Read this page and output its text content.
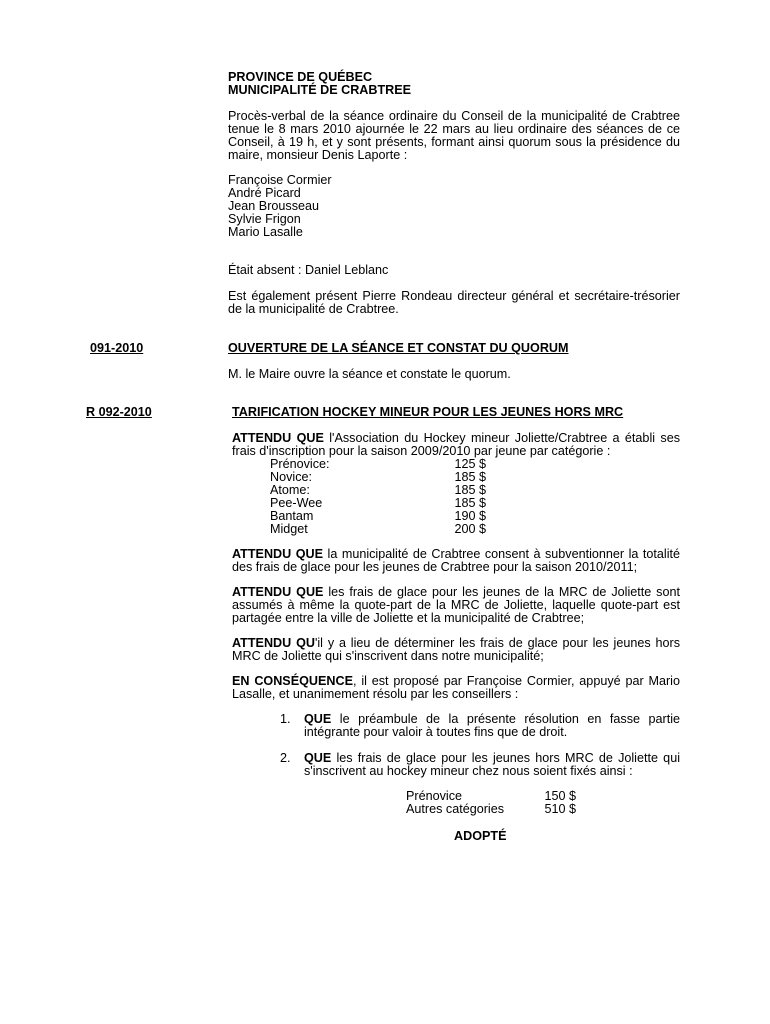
PROVINCE DE QUÉBEC

MUNICIPALITÉ DE CRABTREE

Procès-verbal de la séance ordinaire du Conseil de la municipalité de Crabtree tenue le 8 mars 2010 ajournée le 22 mars au lieu ordinaire des séances de ce Conseil, à 19 h, et y sont présents, formant ainsi quorum sous la présidence du maire, monsieur Denis Laporte :

Françoise Cormier

André Picard

Jean Brousseau

Sylvie Frigon

Mario Lasalle

Était absent : Daniel Leblanc

Est également présent Pierre Rondeau directeur général et secrétaire-trésorier de la municipalité de Crabtree.

091-2010	OUVERTURE DE LA SÉANCE ET CONSTAT DU QUORUM

M. le Maire ouvre la séance et constate le quorum.

R 092-2010	TARIFICATION HOCKEY MINEUR POUR LES JEUNES HORS MRC

ATTENDU QUE l'Association du Hockey mineur Joliette/Crabtree a établi ses frais d'inscription pour la saison 2009/2010 par jeune par catégorie :

Prénovice:	125 $
Novice:	185 $
Atome:	185 $
Pee-Wee	185 $
Bantam	190 $
Midget	200 $

ATTENDU QUE la municipalité de Crabtree consent à subventionner la totalité des frais de glace pour les jeunes de Crabtree pour la saison 2010/2011;

ATTENDU QUE les frais de glace pour les jeunes de la MRC de Joliette sont assumés à même la quote-part de la MRC de Joliette, laquelle quote-part est partagée entre la ville de Joliette et la municipalité de Crabtree;

ATTENDU QU'il y a lieu de déterminer les frais de glace pour les jeunes hors MRC de Joliette qui s'inscrivent dans notre municipalité;

EN CONSÉQUENCE, il est proposé par Françoise Cormier, appuyé par Mario Lasalle, et unanimement résolu par les conseillers :

1. QUE le préambule de la présente résolution en fasse partie intégrante pour valoir à toutes fins que de droit.

2. QUE les frais de glace pour les jeunes hors MRC de Joliette qui s'inscrivent au hockey mineur chez nous soient fixés ainsi :

Prénovice	150 $
Autres catégories	510 $

ADOPTÉ
